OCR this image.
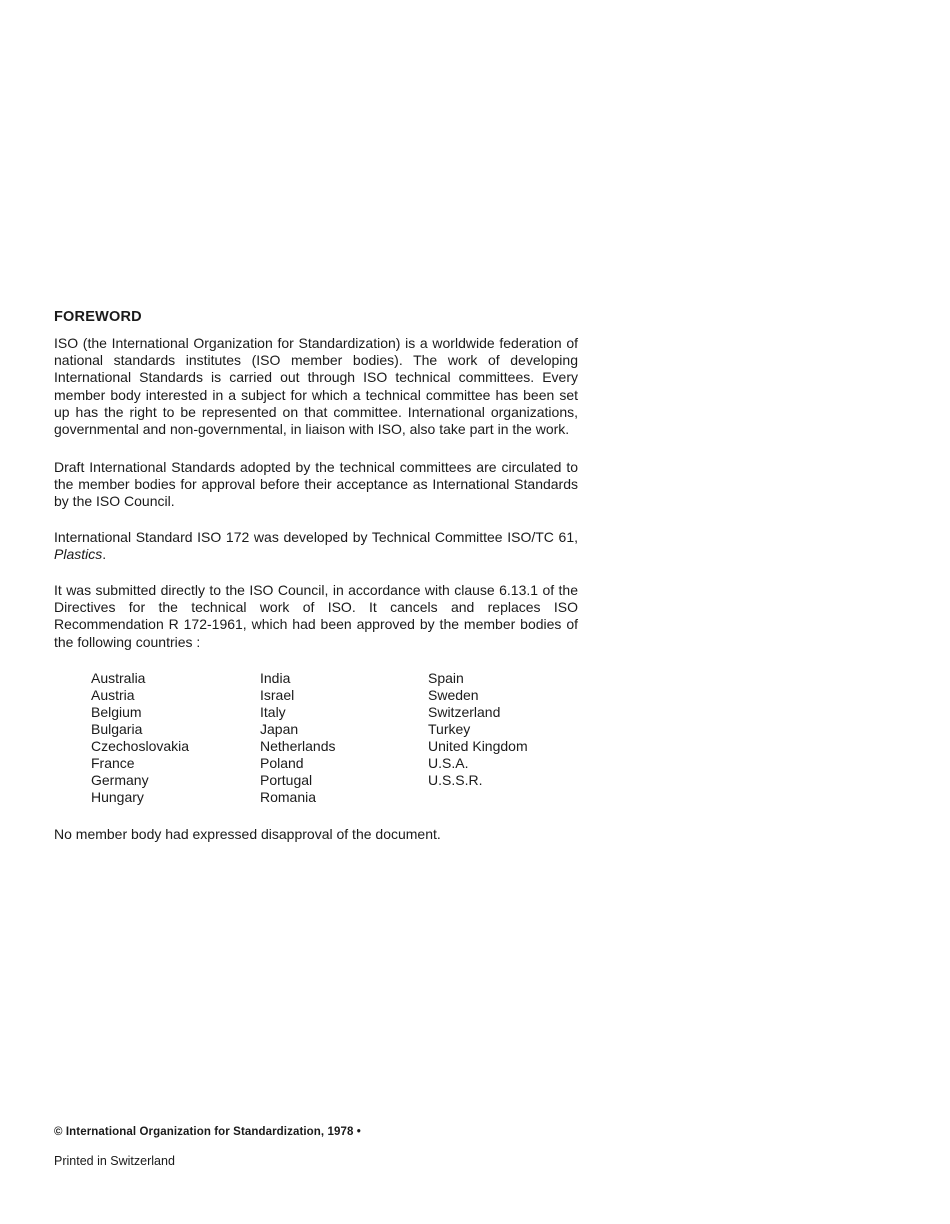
FOREWORD
ISO (the International Organization for Standardization) is a worldwide federation of national standards institutes (ISO member bodies). The work of developing International Standards is carried out through ISO technical committees. Every member body interested in a subject for which a technical committee has been set up has the right to be represented on that committee. International organizations, governmental and non-governmental, in liaison with ISO, also take part in the work.
Draft International Standards adopted by the technical committees are circulated to the member bodies for approval before their acceptance as International Standards by the ISO Council.
International Standard ISO 172 was developed by Technical Committee ISO/TC 61, Plastics.
It was submitted directly to the ISO Council, in accordance with clause 6.13.1 of the Directives for the technical work of ISO. It cancels and replaces ISO Recommendation R 172-1961, which had been approved by the member bodies of the following countries :
Australia
Austria
Belgium
Bulgaria
Czechoslovakia
France
Germany
Hungary
India
Israel
Italy
Japan
Netherlands
Poland
Portugal
Romania
Spain
Sweden
Switzerland
Turkey
United Kingdom
U.S.A.
U.S.S.R.
No member body had expressed disapproval of the document.
© International Organization for Standardization, 1978 •
Printed in Switzerland
